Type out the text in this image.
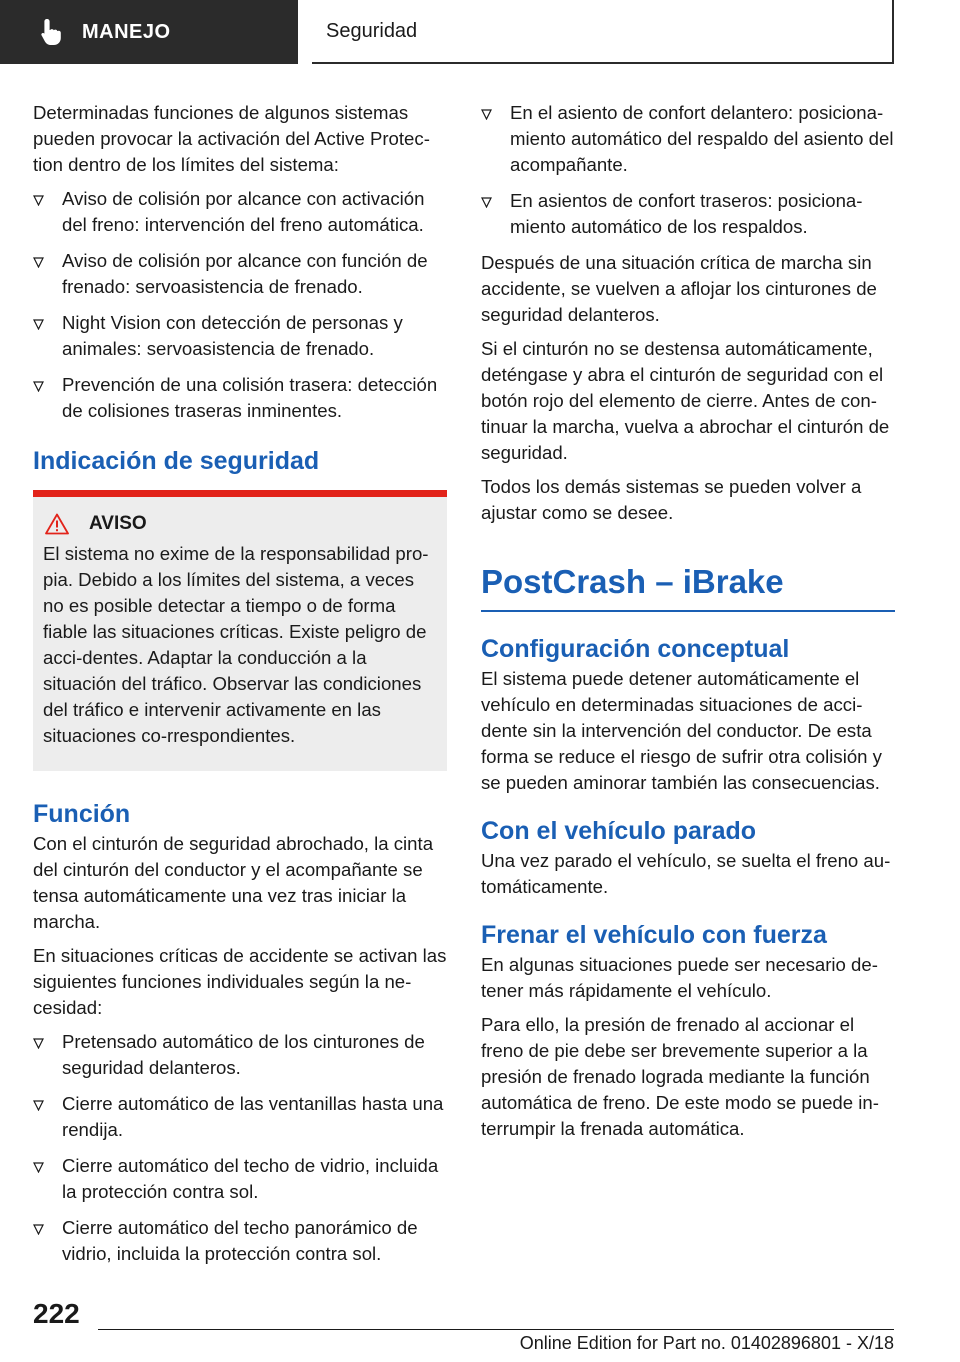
MANEJO	Seguridad

Determinadas funciones de algunos sistemas pueden provocar la activación del Active Protec-tion dentro de los límites del sistema:

Aviso de colisión por alcance con activación del freno: intervención del freno automática.
Aviso de colisión por alcance con función de frenado: servoasistencia de frenado.
Night Vision con detección de personas y animales: servoasistencia de frenado.
Prevención de una colisión trasera: detección de colisiones traseras inminentes.
Indicación de seguridad
AVISO

El sistema no exime de la responsabilidad pro-pia. Debido a los límites del sistema, a veces no es posible detectar a tiempo o de forma fiable las situaciones críticas. Existe peligro de acci-dentes. Adaptar la conducción a la situación del tráfico. Observar las condiciones del tráfico e intervenir activamente en las situaciones co-rrespondientes.

Función

Con el cinturón de seguridad abrochado, la cinta del cinturón del conductor y el acompañante se tensa automáticamente una vez tras iniciar la marcha.

En situaciones críticas de accidente se activan las siguientes funciones individuales según la ne-cesidad:

Pretensado automático de los cinturones de seguridad delanteros.
Cierre automático de las ventanillas hasta una rendija.
Cierre automático del techo de vidrio, incluida la protección contra sol.
Cierre automático del techo panorámico de vidrio, incluida la protección contra sol.
En el asiento de confort delantero: posiciona-miento automático del respaldo del asiento del acompañante.
En asientos de confort traseros: posiciona-miento automático de los respaldos.

Después de una situación crítica de marcha sin accidente, se vuelven a aflojar los cinturones de seguridad delanteros.

Si el cinturón no se destensa automáticamente, deténgase y abra el cinturón de seguridad con el botón rojo del elemento de cierre. Antes de con-tinuar la marcha, vuelva a abrochar el cinturón de seguridad.

Todos los demás sistemas se pueden volver a ajustar como se desee.

PostCrash – iBrake
Configuración conceptual

El sistema puede detener automáticamente el vehículo en determinadas situaciones de acci-dente sin la intervención del conductor. De esta forma se reduce el riesgo de sufrir otra colisión y se pueden aminorar también las consecuencias.

Con el vehículo parado

Una vez parado el vehículo, se suelta el freno au-tomáticamente.

Frenar el vehículo con fuerza

En algunas situaciones puede ser necesario de-tener más rápidamente el vehículo.

Para ello, la presión de frenado al accionar el freno de pie debe ser brevemente superior a la presión de frenado lograda mediante la función automática de freno. De este modo se puede in-terrumpir la frenada automática.

222
Online Edition for Part no. 01402896801 - X/18
